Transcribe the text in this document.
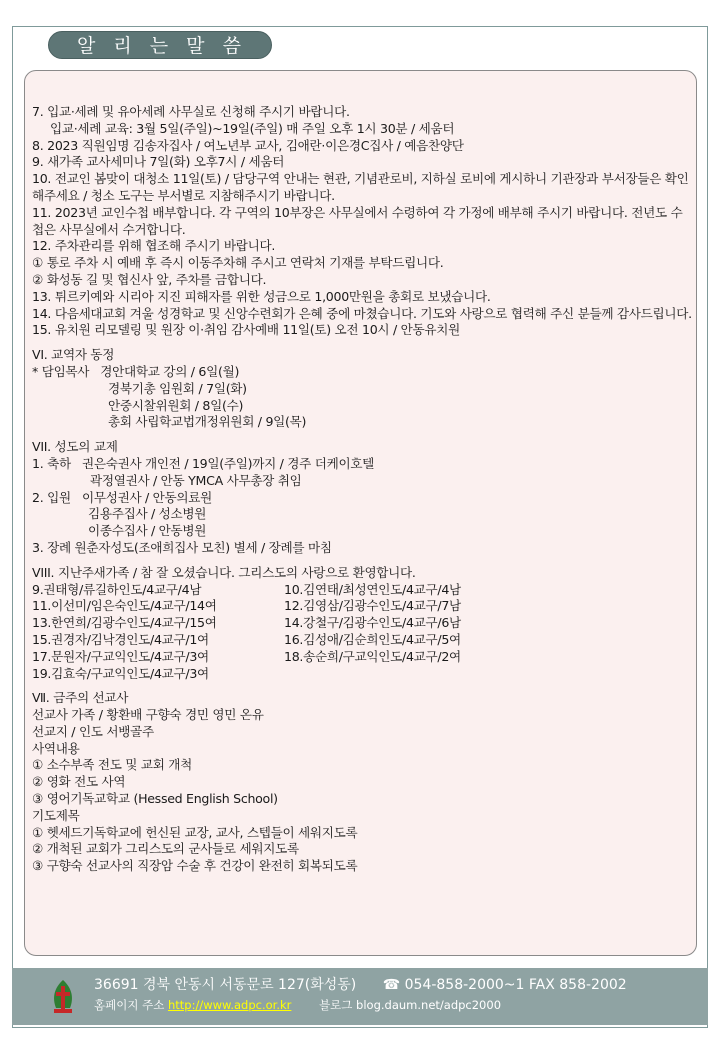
알 리 는 말 씀
7. 입교·세례 및 유아세례 사무실로 신청해 주시기 바랍니다.
입교·세례 교육: 3월 5일(주일)~19일(주일) 매 주일 오후 1시 30분 / 세움터
8. 2023 직원임명 김송자집사 / 여노년부 교사, 김애란·이은경C집사 / 예음찬양단
9. 새가족 교사세미나 7일(화) 오후7시 / 세움터
10. 전교인 봄맞이 대청소 11일(토) / 담당구역 안내는 현관, 기념관로비, 지하실 로비에 게시하니 기관장과 부서장들은 확인해주세요 / 청소 도구는 부서별로 지참해주시기 바랍니다.
11. 2023년 교인수첩 배부합니다. 각 구역의 10부장은 사무실에서 수령하여 각 가정에 배부해 주시기 바랍니다. 전년도 수첩은 사무실에서 수거합니다.
12. 주차관리를 위해 협조해 주시기 바랍니다.
① 통로 주차 시 예배 후 즉시 이동주차해 주시고 연락처 기재를 부탁드립니다.
② 화성동 길 및 협신사 앞, 주차를 금합니다.
13. 튀르키예와 시리아 지진 피해자를 위한 성금으로 1,000만원을 총회로 보냈습니다.
14. 다음세대교회 겨울 성경학교 및 신앙수련회가 은혜 중에 마쳤습니다. 기도와 사랑으로 협력해 주신 분들께 감사드립니다.
15. 유치원 리모델링 및 원장 이·취임 감사예배 11일(토) 오전 10시 / 안동유치원
VI. 교역자 동정
* 담임목사 경안대학교 강의 / 6일(월)
경북기총 임원회 / 7일(화)
안중시찰위원회 / 8일(수)
총회 사립학교법개정위원회 / 9일(목)
VII. 성도의 교제
1. 축하 권은숙권사 개인전 / 19일(주일)까지 / 경주 더케이호텔
곽정열권사 / 안동 YMCA 사무총장 취임
2. 입원 이무성권사 / 안동의료원
김용주집사 / 성소병원
이종수집사 / 안동병원
3. 장례 원춘자성도(조애희집사 모친) 별세 / 장례를 마침
VIII. 지난주새가족 / 참 잘 오셨습니다. 그리스도의 사랑으로 환영합니다.
9.권태형/류길하인도/4교구/4남	10.김연태/최성연인도/4교구/4남
11.이선미/임은숙인도/4교구/14여	12.김영삼/김광수인도/4교구/7남
13.한연희/김광수인도/4교구/15여	14.강철구/김광수인도/4교구/6남
15.권경자/김낙경인도/4교구/1여	16.김성애/김순희인도/4교구/5여
17.문원자/구교익인도/4교구/3여	18.송순희/구교익인도/4교구/2여
19.김효숙/구교익인도/4교구/3여
Ⅶ. 금주의 선교사
선교사 가족 / 황환배 구향숙 경민 영민 온유
선교지 / 인도 서뱅골주
사역내용
① 소수부족 전도 및 교회 개척
② 영화 전도 사역
③ 영어기독교학교 (Hessed English School)
기도제목
① 헷세드기독학교에 헌신된 교장, 교사, 스텝들이 세워지도록
② 개척된 교회가 그리스도의 군사들로 세워지도록
③ 구향숙 선교사의 직장암 수술 후 건강이 완전히 회복되도록
36691 경북 안동시 서동문로 127(화성동) ☎ 054-858-2000~1 FAX 858-2002
홈페이지 주소 http://www.adpc.or.kr 블로그 blog.daum.net/adpc2000
